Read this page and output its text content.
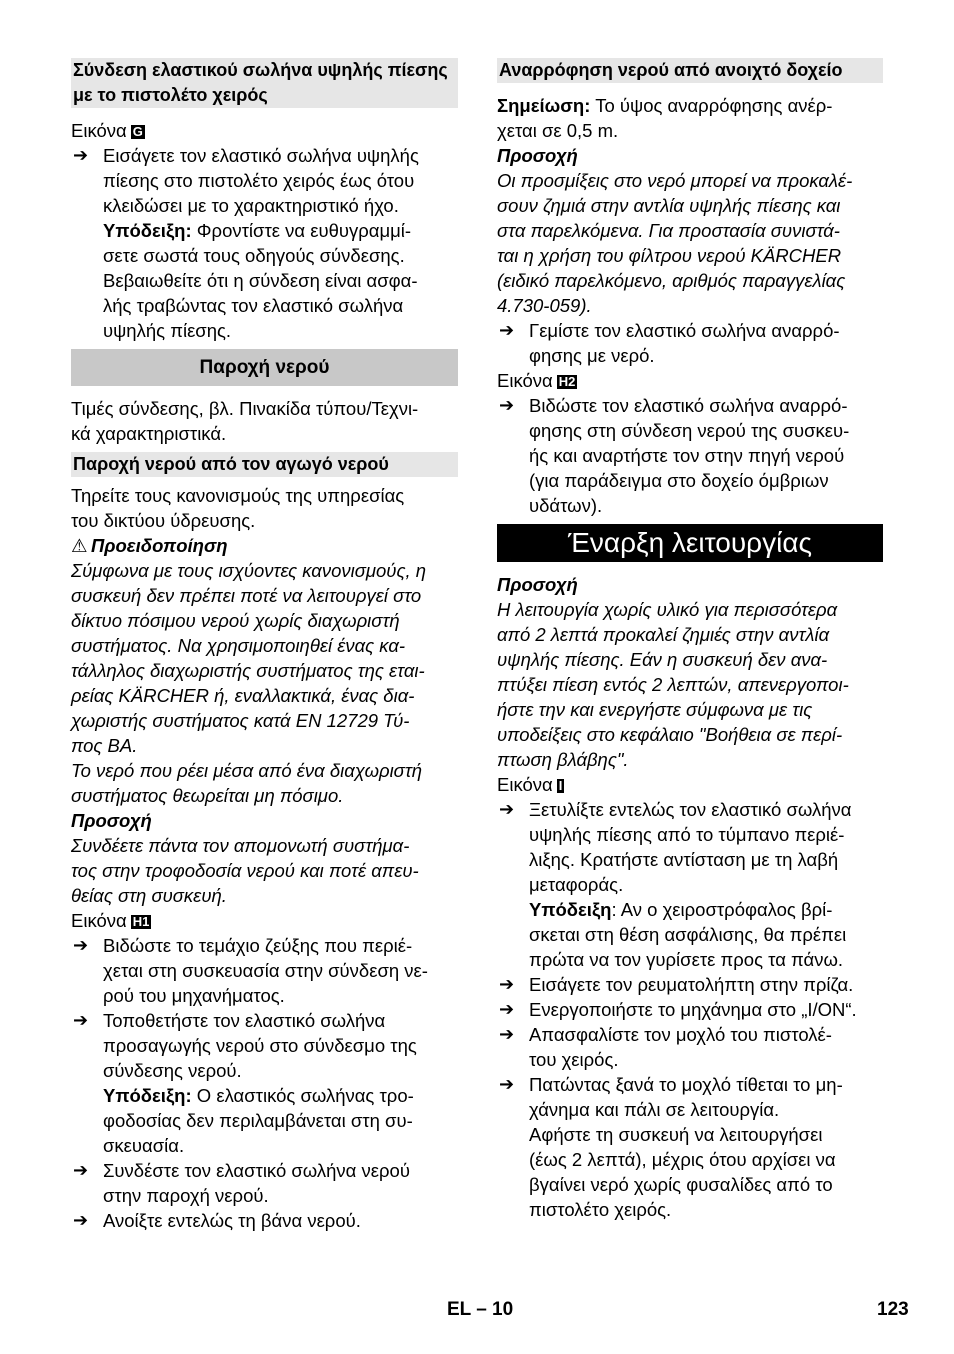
Σύνδεση ελαστικού σωλήνα υψηλής πίεσης με το πιστολέτο χειρός
Εικόνα G
➔ Εισάγετε τον ελαστικό σωλήνα υψηλής
πίεσης στο πιστολέτο χειρός έως ότου
κλειδώσει με το χαρακτηριστικό ήχο.
Υπόδειξη: Φροντίστε να ευθυγραμμί-
σετε σωστά τους οδηγούς σύνδεσης.
Βεβαιωθείτε ότι η σύνδεση είναι ασφα-
λής τραβώντας τον ελαστικό σωλήνα
υψηλής πίεσης.
Παροχή νερού
Τιμές σύνδεσης, βλ. Πινακίδα τύπου/Τεχνι-
κά χαρακτηριστικά.
Παροχή νερού από τον αγωγό νερού
Τηρείτε τους κανονισμούς της υπηρεσίας
του δικτύου ύδρευσης.
⚠ Προειδοποίηση
Σύμφωνα με τους ισχύοντες κανονισμούς, η
συσκευή δεν πρέπει ποτέ να λειτουργεί στο
δίκτυο πόσιμου νερού χωρίς διαχωριστή
συστήματος. Να χρησιμοποιηθεί ένας κα-
τάλληλος διαχωριστής συστήματος της εται-
ρείας KÄRCHER ή, εναλλακτικά, ένας δια-
χωριστής συστήματος κατά EN 12729 Τύ-
πος BA.
Το νερό που ρέει μέσα από ένα διαχωριστή
συστήματος θεωρείται μη πόσιμο.
Προσοχή
Συνδέετε πάντα τον απομονωτή συστήμα-
τος στην τροφοδοσία νερού και ποτέ απευ-
θείας στη συσκευή.
Εικόνα H1
➔ Βιδώστε το τεμάχιο ζεύξης που περιέ-
χεται στη συσκευασία στην σύνδεση νε-
ρού του μηχανήματος.
➔ Τοποθετήστε τον ελαστικό σωλήνα
προσαγωγής νερού στο σύνδεσμο της
σύνδεσης νερού.
Υπόδειξη: Ο ελαστικός σωλήνας τρο-
φοδοσίας δεν περιλαμβάνεται στη συ-
σκευασία.
➔ Συνδέστε τον ελαστικό σωλήνα νερού
στην παροχή νερού.
➔ Ανοίξτε εντελώς τη βάνα νερού.
Αναρρόφηση νερού από ανοιχτό δοχείο
Σημείωση: Το ύψος αναρρόφησης ανέρ-
χεται σε 0,5 m.
Προσοχή
Οι προσμίξεις στο νερό μπορεί να προκαλέ-
σουν ζημιά στην αντλία υψηλής πίεσης και
στα παρελκόμενα. Για προστασία συνιστά-
ται η χρήση του φίλτρου νερού KÄRCHER
(ειδικό παρελκόμενο, αριθμός παραγγελίας
4.730-059).
➔ Γεμίστε τον ελαστικό σωλήνα αναρρό-
φησης με νερό.
Εικόνα H2
➔ Βιδώστε τον ελαστικό σωλήνα αναρρό-
φησης στη σύνδεση νερού της συσκευ-
ής και αναρτήστε τον στην πηγή νερού
(για παράδειγμα στο δοχείο όμβριων
υδάτων).
Έναρξη λειτουργίας
Προσοχή
Η λειτουργία χωρίς υλικό για περισσότερα
από 2 λεπτά προκαλεί ζημιές στην αντλία
υψηλής πίεσης. Εάν η συσκευή δεν ανα-
πτύξει πίεση εντός 2 λεπτών, απενεργοποι-
ήστε την και ενεργήστε σύμφωνα με τις
υποδείξεις στο κεφάλαιο "Βοήθεια σε περί-
πτωση βλάβης".
Εικόνα I
➔ Ξετυλίξτε εντελώς τον ελαστικό σωλήνα
υψηλής πίεσης από το τύμπανο περιέ-
λιξης. Κρατήστε αντίσταση με τη λαβή
μεταφοράς.
Υπόδειξη: Αν ο χειροστρόφαλος βρί-
σκεται στη θέση ασφάλισης, θα πρέπει
πρώτα να τον γυρίσετε προς τα πάνω.
➔ Εισάγετε τον ρευματολήπτη στην πρίζα.
➔ Ενεργοποιήστε το μηχάνημα στο „I/ON“.
➔ Απασφαλίστε τον μοχλό του πιστολέ-
του χειρός.
➔ Πατώντας ξανά το μοχλό τίθεται το μη-
χάνημα και πάλι σε λειτουργία.
Αφήστε τη συσκευή να λειτουργήσει
(έως 2 λεπτά), μέχρις ότου αρχίσει να
βγαίνει νερό χωρίς φυσαλίδες από το
πιστολέτο χειρός.
EL – 10	123
